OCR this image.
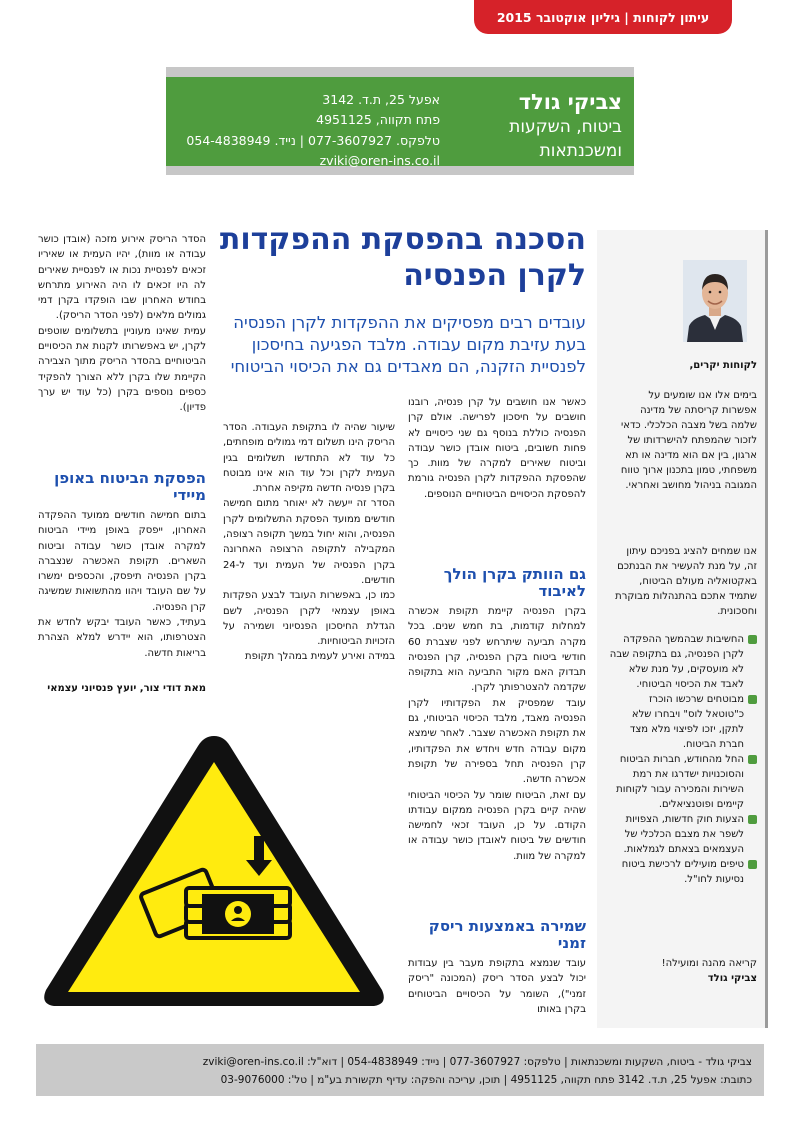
עיתון לקוחות | גיליון אוקטובר 2015
צביקי גולד
ביטוח, השקעות
ומשכנתאות
אפעל 25, ת.ד. 3142
פתח תקווה, 4951125
טלפקס. 077-3607927 | נייד. 054-4838949
zviki@oren-ins.co.il
לקוחות יקרים,
בימים אלו אנו שומעים על אפשרות קריסתה של מדינה שלמה בשל מצבה הכלכלי. כדאי לזכור שהמפתח להישרדותו של ארגון, בין אם הוא מדינה או תא משפחתי, טמון בתכנון ארוך טווח המגובה בניהול מחושב ואחראי.
אנו שמחים להציג בפניכם עיתון זה, על מנת להעשיר את הבנתכם באקטואליה מעולם הביטוח, שתמיד אתכם בהתנהלות מבוקרת וחסכונית.
החשיבות שבהמשך ההפקדה לקרן הפנסיה, גם בתקופה שבה לא מועסקים, על מנת שלא לאבד את הכיסוי הביטוחי.
מבוטחים שרכשו הוכרז כ"טוטאל לוס" ויבחרו שלא לתקן, יזכו לפיצוי מלא מצד חברת הביטוח.
החל מהחודש, חברות הביטוח והסוכנויות ישדרגו את רמת השירות והמכירה עבור לקוחות קיימים ופוטנציאלים.
הצעות חוק חדשות, הצפויות לשפר את מצבם הכלכלי של העצמאים בצאתם לגמלאות.
טיפים מועילים לרכישת ביטוח נסיעות לחו"ל.
קריאה מהנה ומועילה!
צביקי גולד
הסכנה בהפסקת ההפקדות לקרן הפנסיה
עובדים רבים מפסיקים את ההפקדות לקרן הפנסיה בעת עזיבת מקום עבודה. מלבד הפגיעה בחיסכון לפנסיית הזקנה, הם מאבדים גם את הכיסוי הביטוחי

כאשר אנו חושבים על קרן פנסיה, רובנו חושבים על חיסכון לפרישה. אולם קרן הפנסיה כוללת בנוסף גם שני כיסויים לא פחות חשובים, ביטוח אובדן כושר עבודה וביטוח שאירים למקרה של מוות. כך שהפסקת ההפקדות לקרן הפנסיה גורמת להפסקת הכיסויים הביטוחיים הנוספים.

גם הוותק בקרן הולך לאיבוד

בקרן הפנסיה קיימת תקופת אכשרה למחלות קודמות, בת חמש שנים. בכל מקרה תביעה שיתרחש לפני שצברת 60 חודשי ביטוח בקרן הפנסיה, קרן הפנסיה תבדוק האם מקור התביעה הוא בתקופה שקדמה להצטרפותך לקרן.

עובד שמפסיק את הפקדותיו לקרן הפנסיה מאבד, מלבד הכיסוי הביטוחי, גם את תקופת האכשרה שצבר. לאחר שימצא מקום עבודה חדש ויחדש את הפקדותיו, קרן הפנסיה תחל בספירה של תקופת אכשרה חדשה.

עם זאת, הביטוח שומר על הכיסוי הביטוחי שהיה קיים בקרן הפנסיה ממקום עבודתו הקודם. על כן, העובד זכאי לחמישה חודשים של ביטוח לאובדן כושר עבודה או למקרה של מוות.

שמירה באמצעות ריסק זמני

עובד שנמצא בתקופת מעבר בין עבודות יכול לבצע הסדר ריסק (המכונה "ריסק זמני"), השומר על הכיסויים הביטוחים בקרן באותו

שיעור שהיה לו בתקופת העבודה. הסדר הריסק הינו תשלום דמי גמולים מופחתים, כל עוד לא התחדשו תשלומים בגין העמית לקרן וכל עוד הוא אינו מבוטח בקרן פנסיה חדשה מקיפה אחרת.

הסדר זה ייעשה לא יאוחר מתום חמישה חודשים ממועד הפסקת התשלומים לקרן הפנסיה, והוא יחול במשך תקופה רצופה, המקבילה לתקופה הרצופה האחרונה בקרן הפנסיה של העמית ועד ל-24 חודשים.

כמו כן, באפשרות העובד לבצע הפקדות באופן עצמאי לקרן הפנסיה, לשם הגדלת החיסכון הפנסיוני ושמירה על הזכויות הביטוחיות.

במידה ואירע לעמית במהלך תקופת

הסדר הריסק אירוע מזכה (אובדן כושר עבודה או מוות), יהיו העמית או שאיריו זכאים לפנסיית נכות או לפנסיית שאירים לה היו זכאים לו היה האירוע מתרחש בחודש האחרון שבו הופקדו בקרן דמי גמולים מלאים (לפני הסדר הריסק).

עמית שאינו מעוניין בתשלומים שוטפים לקרן, יש באפשרותו לקנות את הכיסויים הביטוחיים בהסדר הריסק מתוך הצבירה הקיימת שלו בקרן ללא הצורך להפקיד כספים נוספים בקרן (כל עוד יש ערך פדיון).

הפסקת הביטוח באופן מיידי

בתום חמישה חודשים ממועד ההפקדה האחרון, ייפסק באופן מיידי הביטוח למקרה אובדן כושר עבודה וביטוח השארים. תקופת האכשרה שנצברה בקרן הפנסיה תיפסק, והכספים ימשרו על שם העובד ויהוו מהתשואות שמשיגה קרן הפנסיה.

בעתיד, כאשר העובד יבקש לחדש את הצטרפותו, הוא יידרש למלא הצהרת בריאות חדשה.

מאת דודי צור, יועץ פנסיוני עצמאי
צביקי גולד - ביטוח, השקעות ומשכנתאות | טלפקס: 077-3607927 | נייד: 054-4838949 | דוא"ל: zviki@oren-ins.co.il
כתובת: אפעל 25, ת.ד. 3142 פתח תקווה, 4951125 | תוכן, עריכה והפקה: עדיף תקשורת בע"מ | טל': 03-9076000
